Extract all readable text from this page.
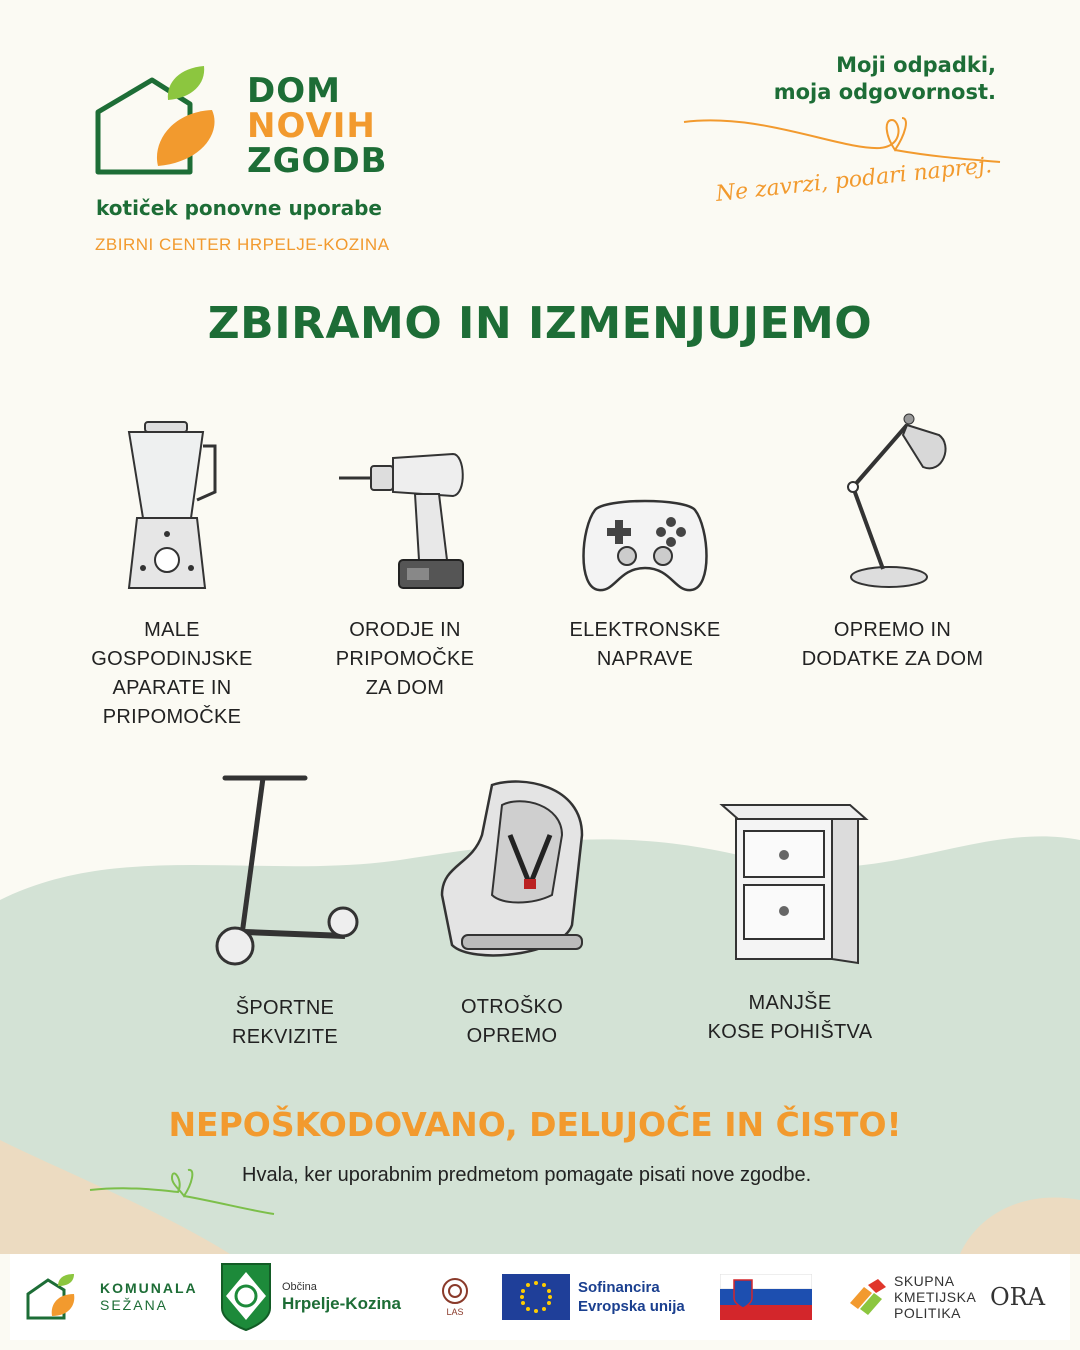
DOM
NOVIH
ZGODB
kotiček ponovne uporabe
ZBIRNI CENTER HRPELJE-KOZINA
Moji odpadki,
moja odgovornost.
Ne zavrzi, podari naprej.
ZBIRAMO IN IZMENJUJEMO
MALE
GOSPODINJSKE
APARATE IN
PRIPOMOČKE
ORODJE IN
PRIPOMOČKE
ZA DOM
ELEKTRONSKE
NAPRAVE
OPREMO IN
DODATKE ZA DOM
ŠPORTNE
REKVIZITE
OTROŠKO
OPREMO
MANJŠE
KOSE POHIŠTVA
NEPOŠKODOVANO, DELUJOČE IN ČISTO!
Hvala, ker uporabnim predmetom pomagate pisati nove zgodbe.
KOMUNALA
SEŽANA
Občina
Hrpelje-Kozina	LAS
Sofinancira
Evropska unija
SKUPNA
KMETIJSKA
POLITIKA
ORA
